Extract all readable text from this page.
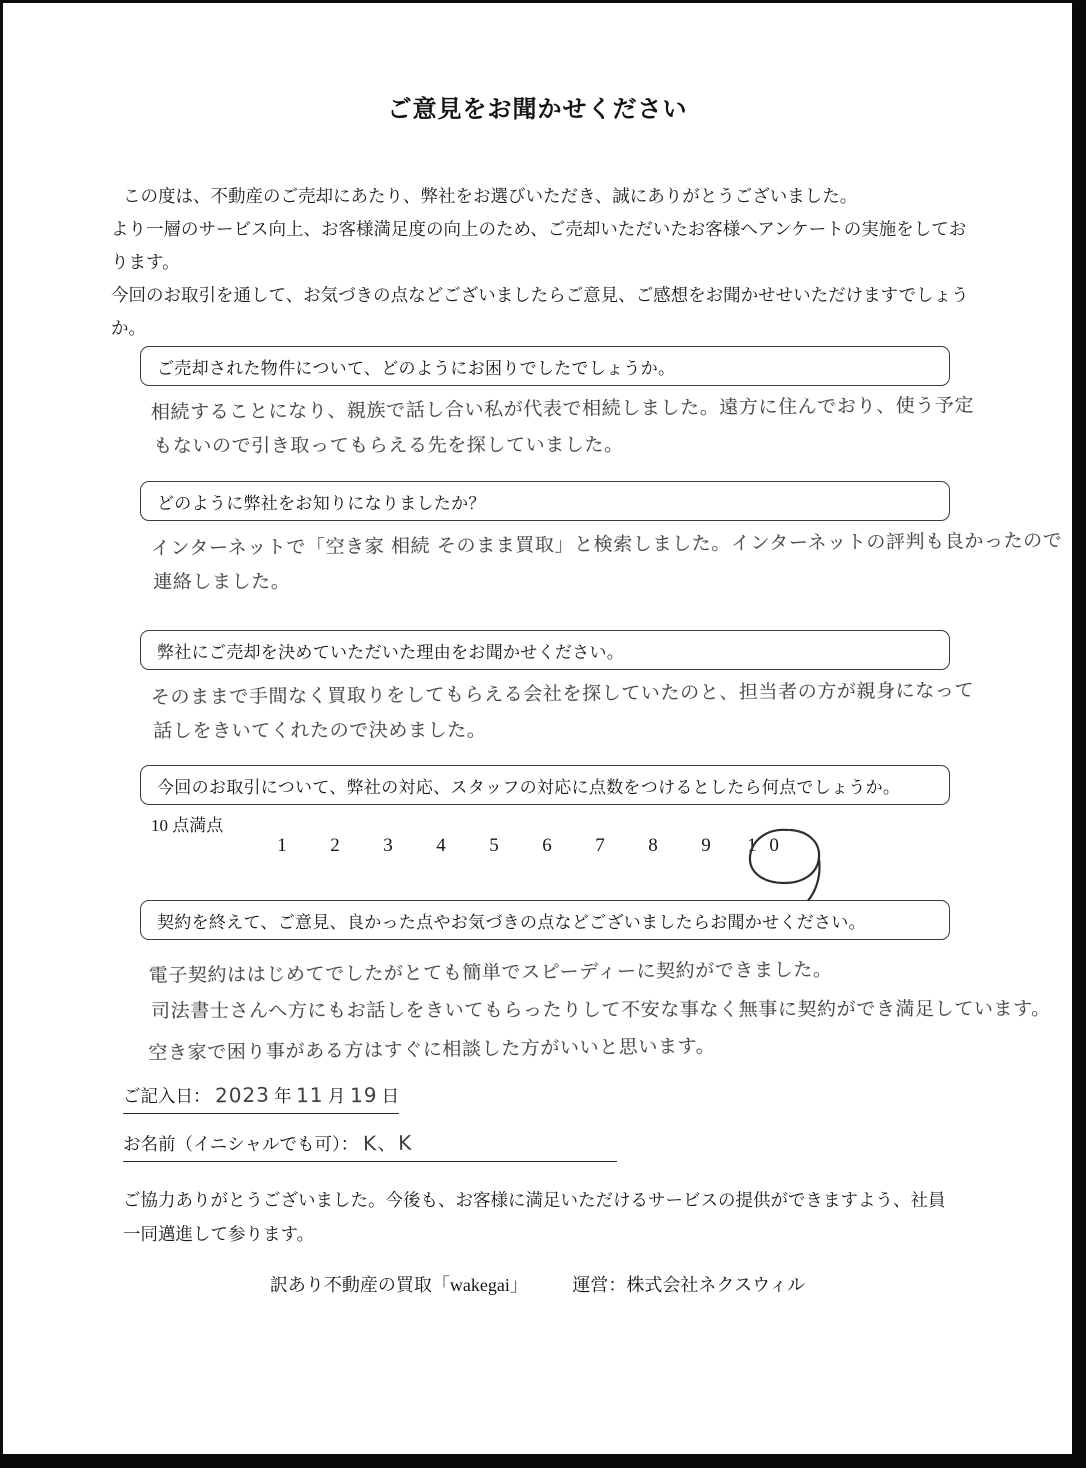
ご意見をお聞かせください

この度は、不動産のご売却にあたり、弊社をお選びいただき、誠にありがとうございました。

より一層のサービス向上、お客様満足度の向上のため、ご売却いただいたお客様へアンケートの実施をしてお

ります。

今回のお取引を通して、お気づきの点などございましたらご意見、ご感想をお聞かせせいただけますでしょうか。

ご売却された物件について、どのようにお困りでしたでしょうか。
相続することになり、親族で話し合い私が代表で相続しました。遠方に住んでおり、使う予定
もないので引き取ってもらえる先を探していました。
どのように弊社をお知りになりましたか？
インターネットで「空き家 相続 そのまま買取」と検索しました。インターネットの評判も良かったので
連絡しました。
弊社にご売却を決めていただいた理由をお聞かせください。
そのままで手間なく買取りをしてもらえる会社を探していたのと、担当者の方が親身になって
話しをきいてくれたので決めました。
今回のお取引について、弊社の対応、スタッフの対応に点数をつけるとしたら何点でしょうか。
10 点満点
1	2	3	4	5	6	7	8	9	1 0
契約を終えて、ご意見、良かった点やお気づきの点などございましたらお聞かせください。
電子契約ははじめてでしたがとても簡単でスピーディーに契約ができました。
司法書士さんへ方にもお話しをきいてもらったりして不安な事なく無事に契約ができ満足しています。
空き家で困り事がある方はすぐに相談した方がいいと思います。
ご記入日： 2023 年 11 月 19 日
お名前（イニシャルでも可）： K、K

ご協力ありがとうございました。今後も、お客様に満足いただけるサービスの提供ができますよう、社員

一同邁進して参ります。

訳あり不動産の買取「wakegai」 運営：株式会社ネクスウィル
